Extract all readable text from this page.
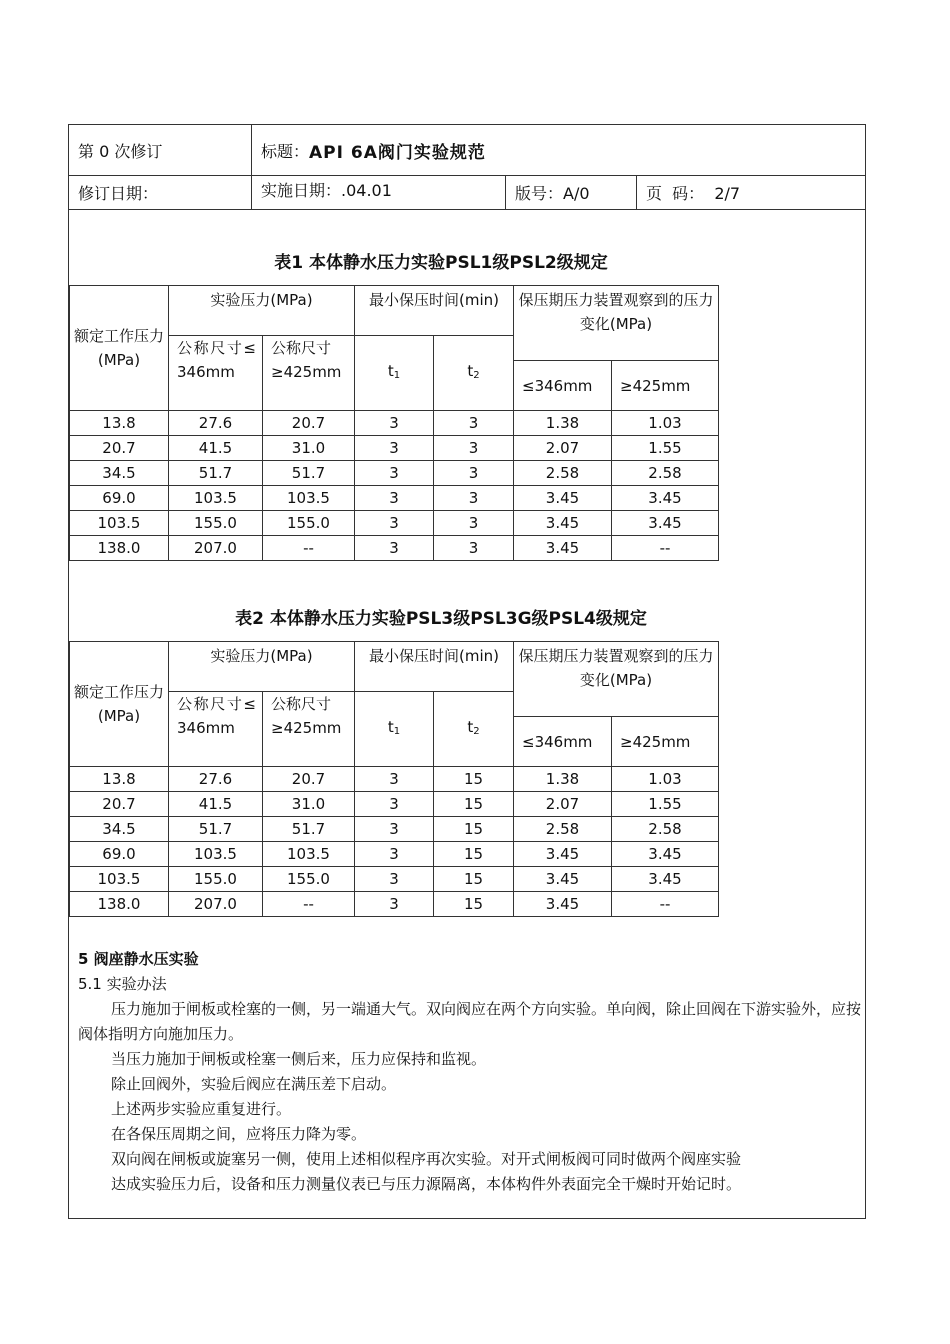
第 0 次修订	标题： API 6A阀门实验规范
修订日期：	实施日期：.04.01	版号：A/0	页  码：  2/7
表1 本体静水压力实验PSL1级PSL2级规定
额定工作压力(MPa)	实验压力(MPa)		最小保压时间(min)		保压期压力装置观察到的压力变化(MPa)	
	公称尺寸≤ 346mm	公称尺寸≥425mm	$t_1$	$t_2$
					≤346mm	≥425mm
13.8	27.6	20.7	3	3	1.38	1.03
20.7	41.5	31.0	3	3	2.07	1.55
34.5	51.7	51.7	3	3	2.58	2.58
69.0	103.5	103.5	3	3	3.45	3.45
103.5	155.0	155.0	3	3	3.45	3.45
138.0	207.0	--	3	3	3.45	--
表2 本体静水压力实验PSL3级PSL3G级PSL4级规定
额定工作压力(MPa)	实验压力(MPa)		最小保压时间(min)		保压期压力装置观察到的压力变化(MPa)	
	公称尺寸≤ 346mm	公称尺寸≥425mm	$t_1$	$t_2$
					≤346mm	≥425mm
13.8	27.6	20.7	3	15	1.38	1.03
20.7	41.5	31.0	3	15	2.07	1.55
34.5	51.7	51.7	3	15	2.58	2.58
69.0	103.5	103.5	3	15	3.45	3.45
103.5	155.0	155.0	3	15	3.45	3.45
138.0	207.0	--	3	15	3.45	--

5 阀座静水压实验

5.1 实验办法

压力施加于闸板或栓塞的一侧，另一端通大气。双向阀应在两个方向实验。单向阀，除止回阀在下游实验外，应按阀体指明方向施加压力。

当压力施加于闸板或栓塞一侧后来，压力应保持和监视。

除止回阀外，实验后阀应在满压差下启动。

上述两步实验应重复进行。

在各保压周期之间，应将压力降为零。

双向阀在闸板或旋塞另一侧，使用上述相似程序再次实验。对开式闸板阀可同时做两个阀座实验

达成实验压力后，设备和压力测量仪表已与压力源隔离，本体构件外表面完全干燥时开始记时。
